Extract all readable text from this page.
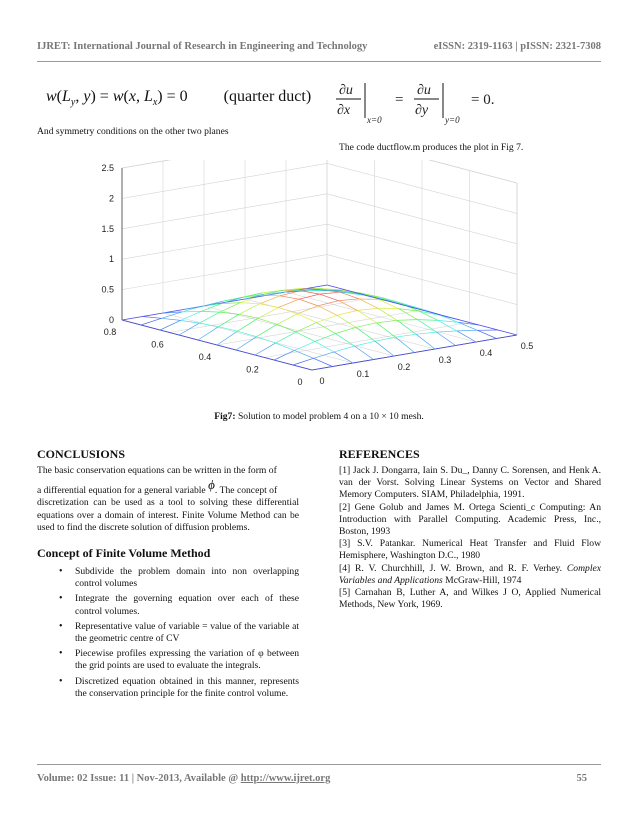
IJRET: International Journal of Research in Engineering and Technology	eISSN: 2319-1163 | pISSN: 2321-7308
$w(L_y$, y) = w(x, $L_x) = 0$  (quarter duct) ∂u
∂x
x=0
=
∂u
∂y
y=0
= 0.
And symmetry conditions on the other two planes
The code ductflow.m produces the plot in Fig 7.
0
0.5
1
1.5
2
2.5
0
0.2
0.4
0.6
0.8
0
0.1
0.2
0.3
0.4
0.5
Fig7: Solution to model problem 4 on a 10 × 10 mesh.
CONCLUSIONS
The basic conservation equations can be written in the form of
a differential equation for a general variable ϕ. The concept of
discretization can be used as a tool to solving these differential equations over a domain of interest. Finite Volume Method can be used to find the discrete solution of diffusion problems.
Concept of Finite Volume Method
• Subdivide the problem domain into non overlapping control volumes
• Integrate the governing equation over each of these control volumes.
• Representative value of variable = value of the variable at the geometric centre of CV
• Piecewise profiles expressing the variation of φ between the grid points are used to evaluate the integrals.
• Discretized equation obtained in this manner, represents the conservation principle for the finite control volume.
REFERENCES
[1] Jack J. Dongarra, Iain S. Du_, Danny C. Sorensen, and Henk A. van der Vorst. Solving Linear Systems on Vector and Shared Memory Computers. SIAM, Philadelphia, 1991.
[2] Gene Golub and James M. Ortega Scienti_c Computing: An Introduction with Parallel Computing. Academic Press, Inc., Boston, 1993
[3] S.V. Patankar. Numerical Heat Transfer and Fluid Flow Hemisphere, Washington D.C., 1980
[4] R. V. Churchhill, J. W. Brown, and R. F. Verhey. Complex Variables and Applications McGraw-Hill, 1974
[5] Carnahan B, Luther A, and Wilkes J O, Applied Numerical Methods, New York, 1969.
Volume: 02 Issue: 11 | Nov-2013, Available @ http://www.ijret.org	55
